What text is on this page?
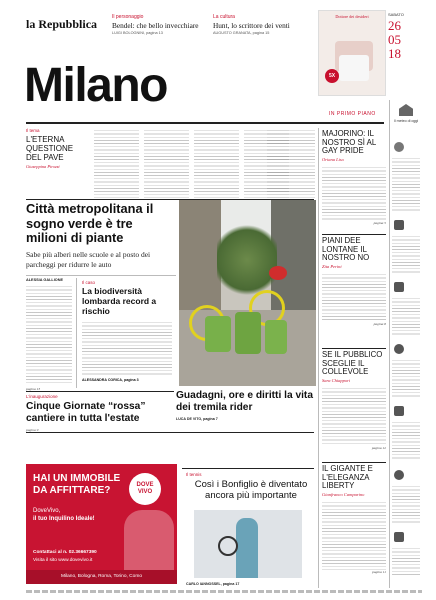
la Repubblica	Il personaggio
Bendel: che bello invecchiare
LUIGI BOLOGNINI, pagina 13
La cultura
Hunt, lo scrittore dei venti
AUGUSTO GRANATA, pagina 15
Dottore dei desideri
5X
SABATO
26
05
18
Milano
IN PRIMO PIANO
Il tema
L'ETERNA QUESTIONE DEL PAVE
Giuseppina Pirozzi
Città metropolitana il sogno verde è tre milioni di piante
Sabe più alberi nelle scuole e al posto dei parcheggi per ridurre le auto
ALESSIA GALLIONE
pagina 13
Il caso
La biodiversità lombarda record a rischio
ALESSANDRA CORICA, pagina 3
Guadagni, ore e diritti la vita dei tremila rider
LUCA DE VITO, pagina 7
L'inaugurazione
Cinque Giornate “rossa” cantiere in tutta l'estate
pagina 9
HAI UN IMMOBILE DA AFFITTARE?	DOVE
VIVO
DoveVivo,
il tuo Inquilino Ideale!
Contattaci al n. 02.36667390
Visita il sito www.dovevivo.it
Milano, Bologna, Roma, Torino, Como
Il tennis
Così i Bonfiglio è diventato ancora più importante
CARLO IANNOSSEL, pagina 17
MAJORINO: IL NOSTRO SÌ AL GAY PRIDE
Oriana Liso
pagina 5
PIANI DEE LONTANE IL NOSTRO NO
Zita Perini
pagina 8
SE IL PUBBLICO SCEGLIE IL COLLEVOLE
Sara Chiappori
pagina 12
IL GIGANTE E L'ELEGANZA LIBERTY
Gianfranco Camparino
pagina 11
Il meteo di oggi
